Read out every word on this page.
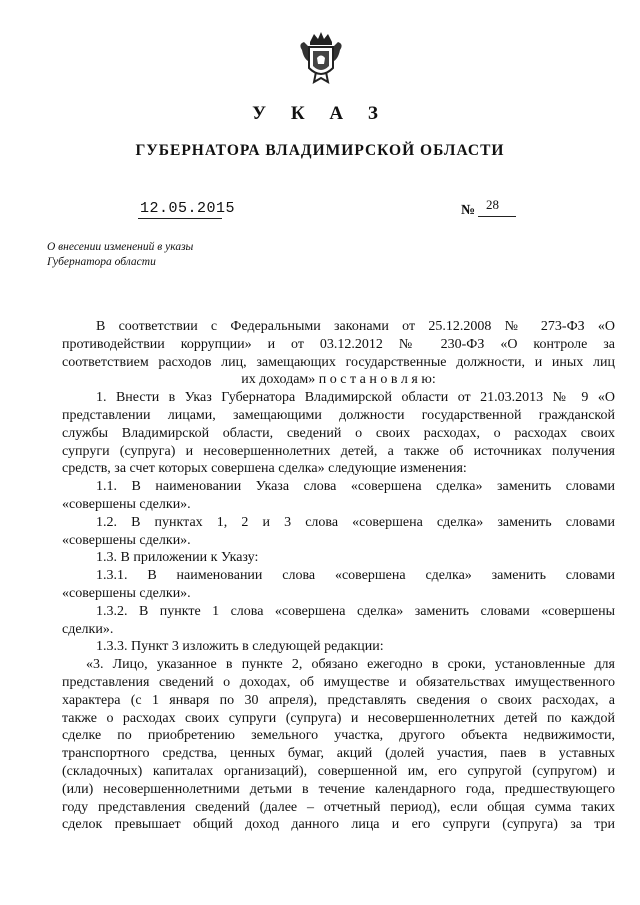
У К А З
ГУБЕРНАТОРА ВЛАДИМИРСКОЙ ОБЛАСТИ
12.05.2015	№ 28
О внесении изменений в указы
Губернатора области

В соответствии с Федеральными законами от 25.12.2008 № 273-ФЗ «О

противодействии коррупции» и от 03.12.2012 № 230-ФЗ «О контроле за

соответствием расходов лиц, замещающих государственные должности, и иных лиц

их доходам» п о с т а н о в л я ю:

1. Внести в Указ Губернатора Владимирской области от 21.03.2013 № 9 «О

представлении лицами, замещающими должности государственной гражданской

службы Владимирской области, сведений о своих расходах, о расходах своих

супруги (супруга) и несовершеннолетних детей, а также об источниках получения

средств, за счет которых совершена сделка» следующие изменения:

1.1. В наименовании Указа слова «совершена сделка» заменить словами

«совершены сделки».

1.2. В пунктах 1, 2 и 3 слова «совершена сделка» заменить словами

«совершены сделки».

1.3. В приложении к Указу:

1.3.1. В наименовании слова «совершена сделка» заменить словами

«совершены сделки».

1.3.2. В пункте 1 слова «совершена сделка» заменить словами «совершены

сделки».

1.3.3. Пункт 3 изложить в следующей редакции:

«3. Лицо, указанное в пункте 2, обязано ежегодно в сроки, установленные для

представления сведений о доходах, об имуществе и обязательствах имущественного

характера (с 1 января по 30 апреля), представлять сведения о своих расходах, а

также о расходах своих супруги (супруга) и несовершеннолетних детей по каждой

сделке по приобретению земельного участка, другого объекта недвижимости,

транспортного средства, ценных бумаг, акций (долей участия, паев в уставных

(складочных) капиталах организаций), совершенной им, его супругой (супругом) и

(или) несовершеннолетними детьми в течение календарного года, предшествующего

году представления сведений (далее – отчетный период), если общая сумма таких

сделок превышает общий доход данного лица и его супруги (супруга) за три
